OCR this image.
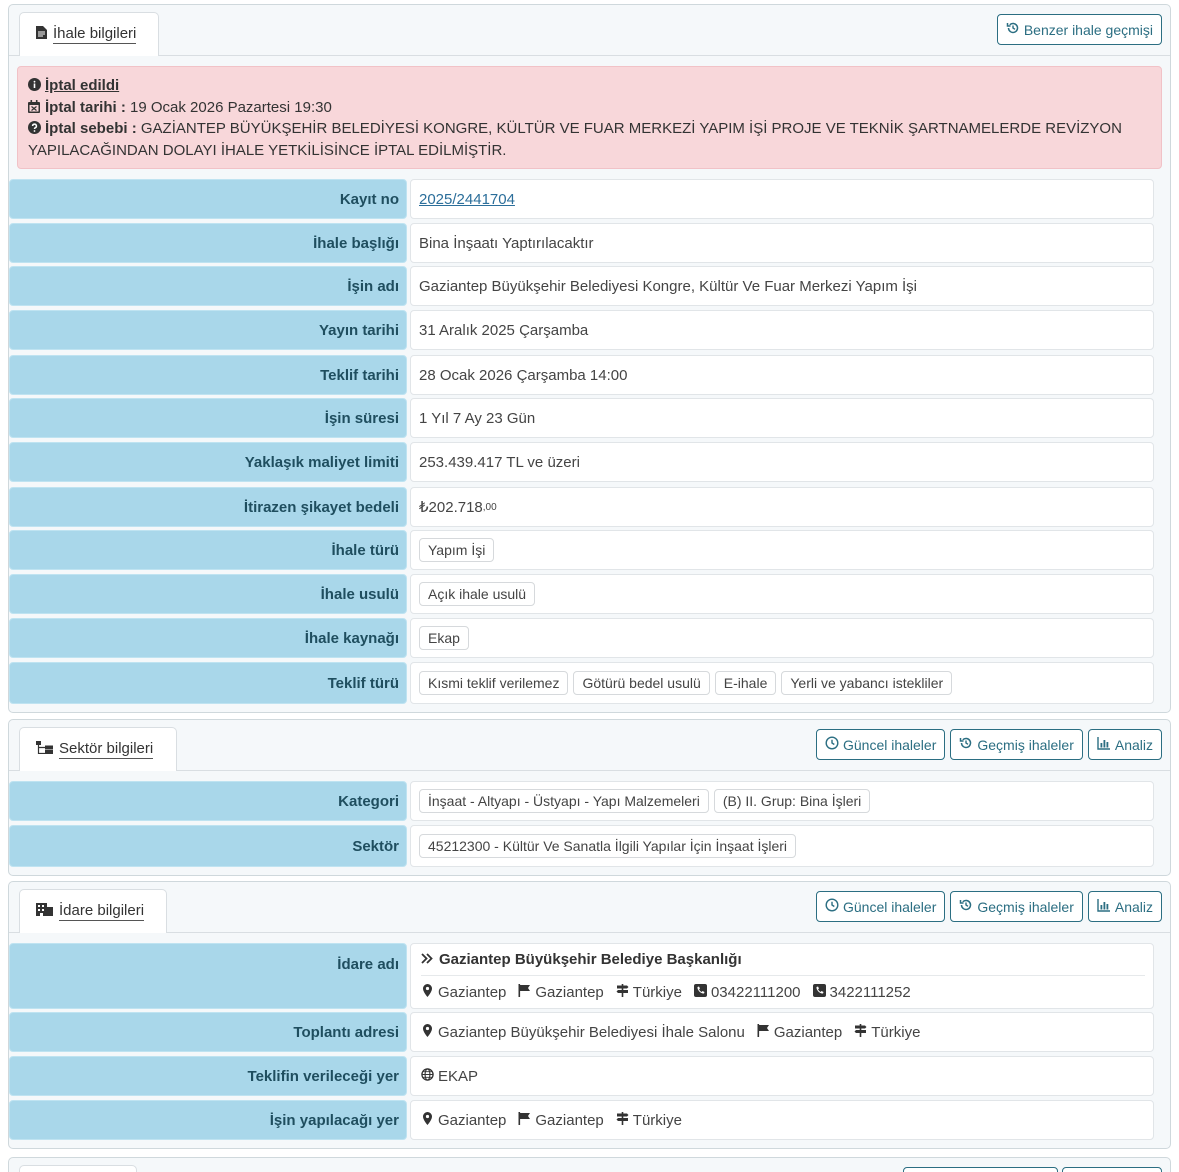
İhale bilgileri	Benzer ihale geçmişi
İptal edildi
İptal tarihi : 19 Ocak 2026 Pazartesi 19:30
İptal sebebi : GAZİANTEP BÜYÜKŞEHİR BELEDİYESİ KONGRE, KÜLTÜR VE FUAR MERKEZİ YAPIM İŞİ PROJE VE TEKNİK ŞARTNAMELERDE REVİZYON
YAPILACAĞINDAN DOLAYI İHALE YETKİLİSİNCE İPTAL EDİLMİŞTİR.
Kayıt no	2025/2441704
İhale başlığı	Bina İnşaatı Yaptırılacaktır
İşin adı	Gaziantep Büyükşehir Belediyesi Kongre, Kültür Ve Fuar Merkezi Yapım İşi
Yayın tarihi	31 Aralık 2025 Çarşamba
Teklif tarihi	28 Ocak 2026 Çarşamba 14:00
İşin süresi	1 Yıl 7 Ay 23 Gün
Yaklaşık maliyet limiti	253.439.417 TL ve üzeri
İtirazen şikayet bedeli	₺202.718 ,00
İhale türü	Yapım İşi
İhale usulü	Açık ihale usulü
İhale kaynağı	Ekap
Teklif türü	Kısmi teklif verilemez	Götürü bedel usulü	E-ihale	Yerli ve yabancı istekliler
Sektör bilgileri	Güncel ihaleler	Geçmiş ihaleler	Analiz
Kategori	İnşaat - Altyapı - Üstyapı - Yapı Malzemeleri	(B) II. Grup: Bina İşleri
Sektör	45212300 - Kültür Ve Sanatla İlgili Yapılar İçin İnşaat İşleri
İdare bilgileri	Güncel ihaleler	Geçmiş ihaleler	Analiz
İdare adı	Gaziantep Büyükşehir Belediye Başkanlığı
Gaziantep Gaziantep Türkiye 03422111200 3422111252
Toplantı adresi	Gaziantep Büyükşehir Belediyesi İhale Salonu Gaziantep Türkiye
Teklifin verileceği yer	EKAP
İşin yapılacağı yer	Gaziantep Gaziantep Türkiye
